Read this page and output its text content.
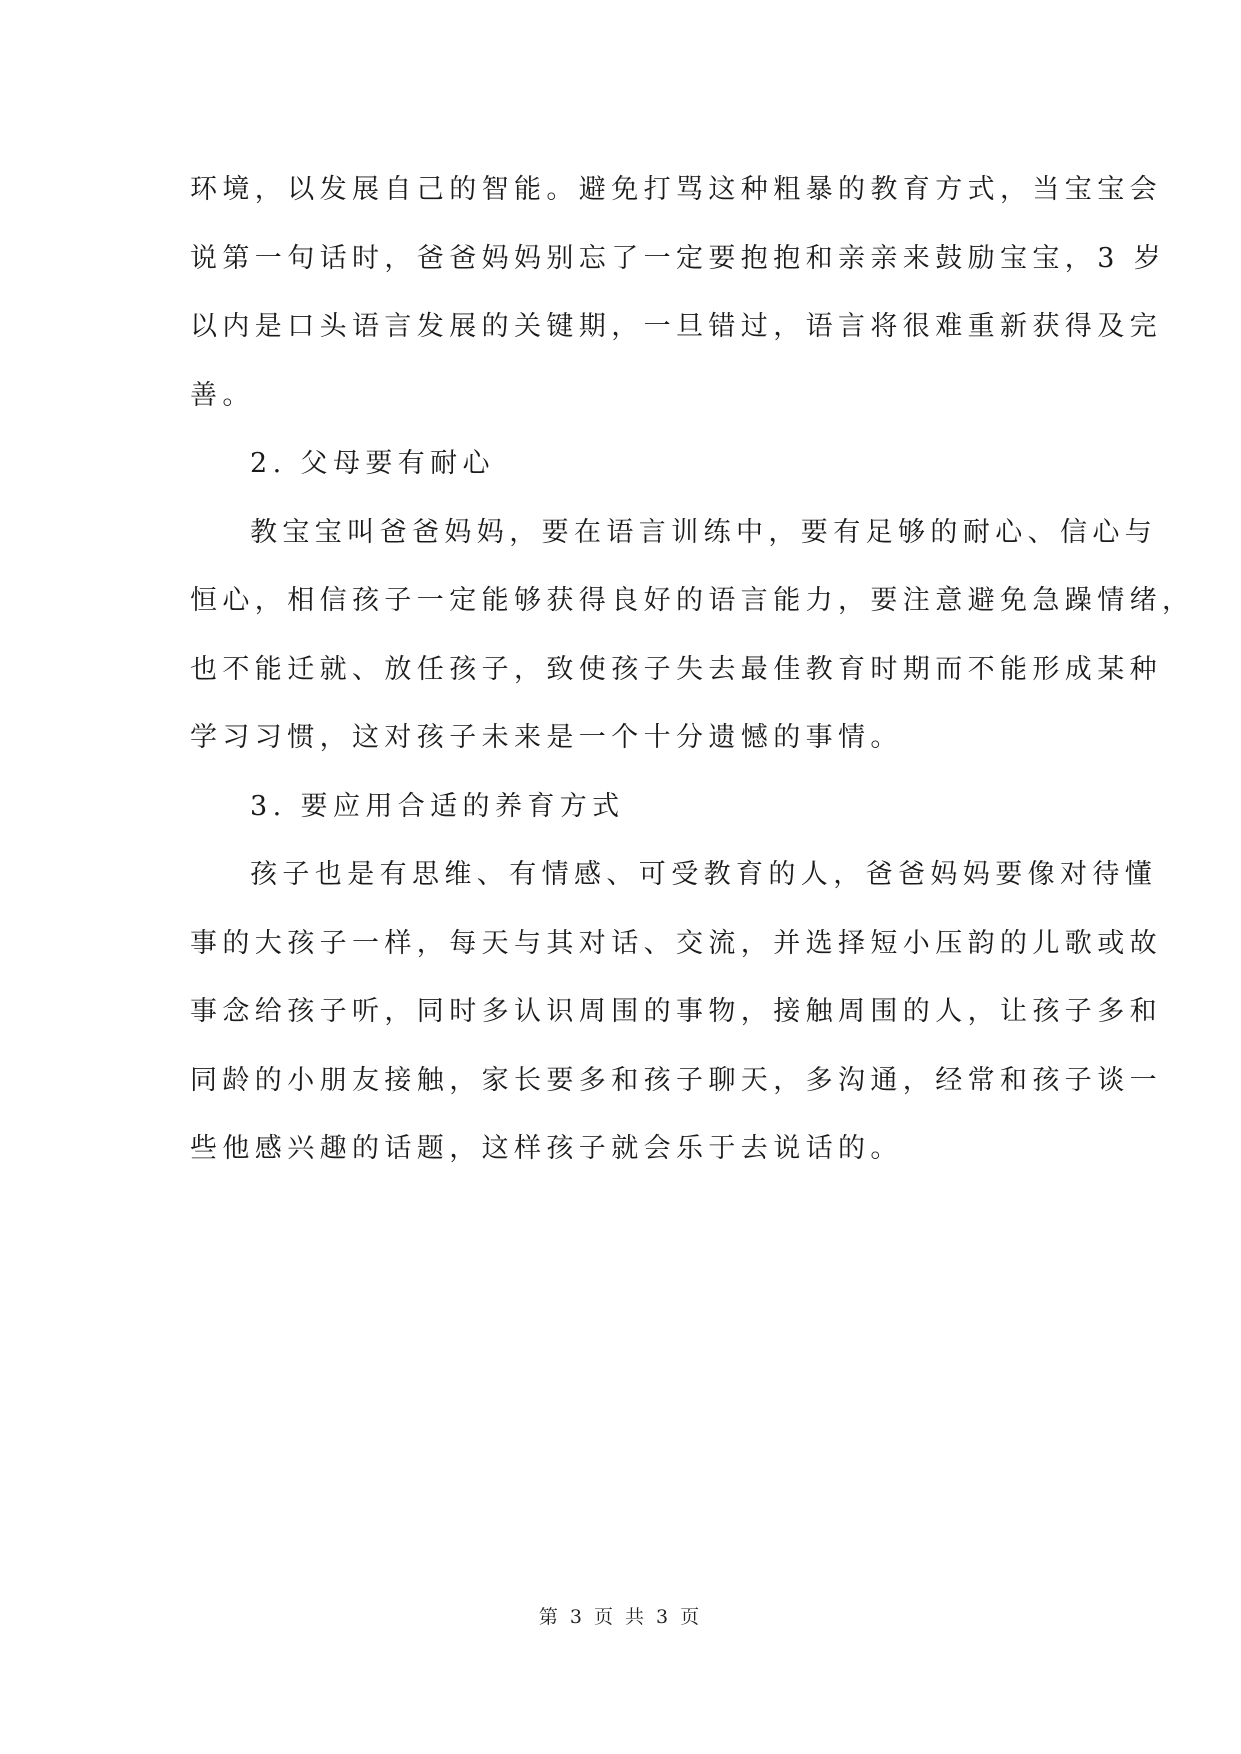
环境，以发展自己的智能。避免打骂这种粗暴的教育方式，当宝宝会
说第一句话时，爸爸妈妈别忘了一定要抱抱和亲亲来鼓励宝宝，3 岁
以内是口头语言发展的关键期，一旦错过，语言将很难重新获得及完
善。

2. 父母要有耐心

教宝宝叫爸爸妈妈，要在语言训练中，要有足够的耐心、信心与
恒心，相信孩子一定能够获得良好的语言能力，要注意避免急躁情绪，
也不能迁就、放任孩子，致使孩子失去最佳教育时期而不能形成某种
学习习惯，这对孩子未来是一个十分遗憾的事情。

3. 要应用合适的养育方式

孩子也是有思维、有情感、可受教育的人，爸爸妈妈要像对待懂
事的大孩子一样，每天与其对话、交流，并选择短小压韵的儿歌或故
事念给孩子听，同时多认识周围的事物，接触周围的人，让孩子多和
同龄的小朋友接触，家长要多和孩子聊天，多沟通，经常和孩子谈一
些他感兴趣的话题，这样孩子就会乐于去说话的。

第 3 页 共 3 页
